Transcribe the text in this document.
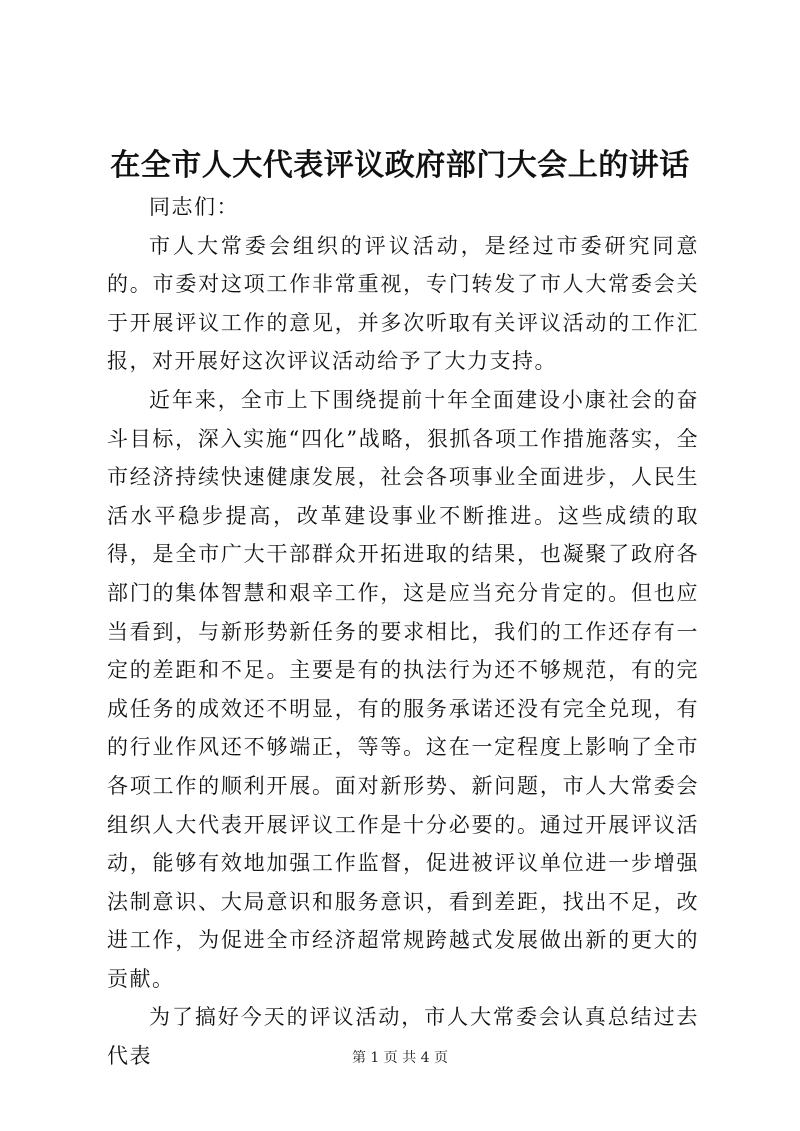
在全市人大代表评议政府部门大会上的讲话

同志们：

市人大常委会组织的评议活动，是经过市委研究同意的。市委对这项工作非常重视，专门转发了市人大常委会关于开展评议工作的意见，并多次听取有关评议活动的工作汇报，对开展好这次评议活动给予了大力支持。

近年来，全市上下围绕提前十年全面建设小康社会的奋斗目标，深入实施“四化”战略，狠抓各项工作措施落实，全市经济持续快速健康发展，社会各项事业全面进步，人民生活水平稳步提高，改革建设事业不断推进。这些成绩的取得，是全市广大干部群众开拓进取的结果，也凝聚了政府各部门的集体智慧和艰辛工作，这是应当充分肯定的。但也应当看到，与新形势新任务的要求相比，我们的工作还存有一定的差距和不足。主要是有的执法行为还不够规范，有的完成任务的成效还不明显，有的服务承诺还没有完全兑现，有的行业作风还不够端正，等等。这在一定程度上影响了全市各项工作的顺利开展。面对新形势、新问题，市人大常委会组织人大代表开展评议工作是十分必要的。通过开展评议活动，能够有效地加强工作监督，促进被评议单位进一步增强法制意识、大局意识和服务意识，看到差距，找出不足，改进工作，为促进全市经济超常规跨越式发展做出新的更大的贡献。

为了搞好今天的评议活动，市人大常委会认真总结过去代表	第 1 页 共 4 页
